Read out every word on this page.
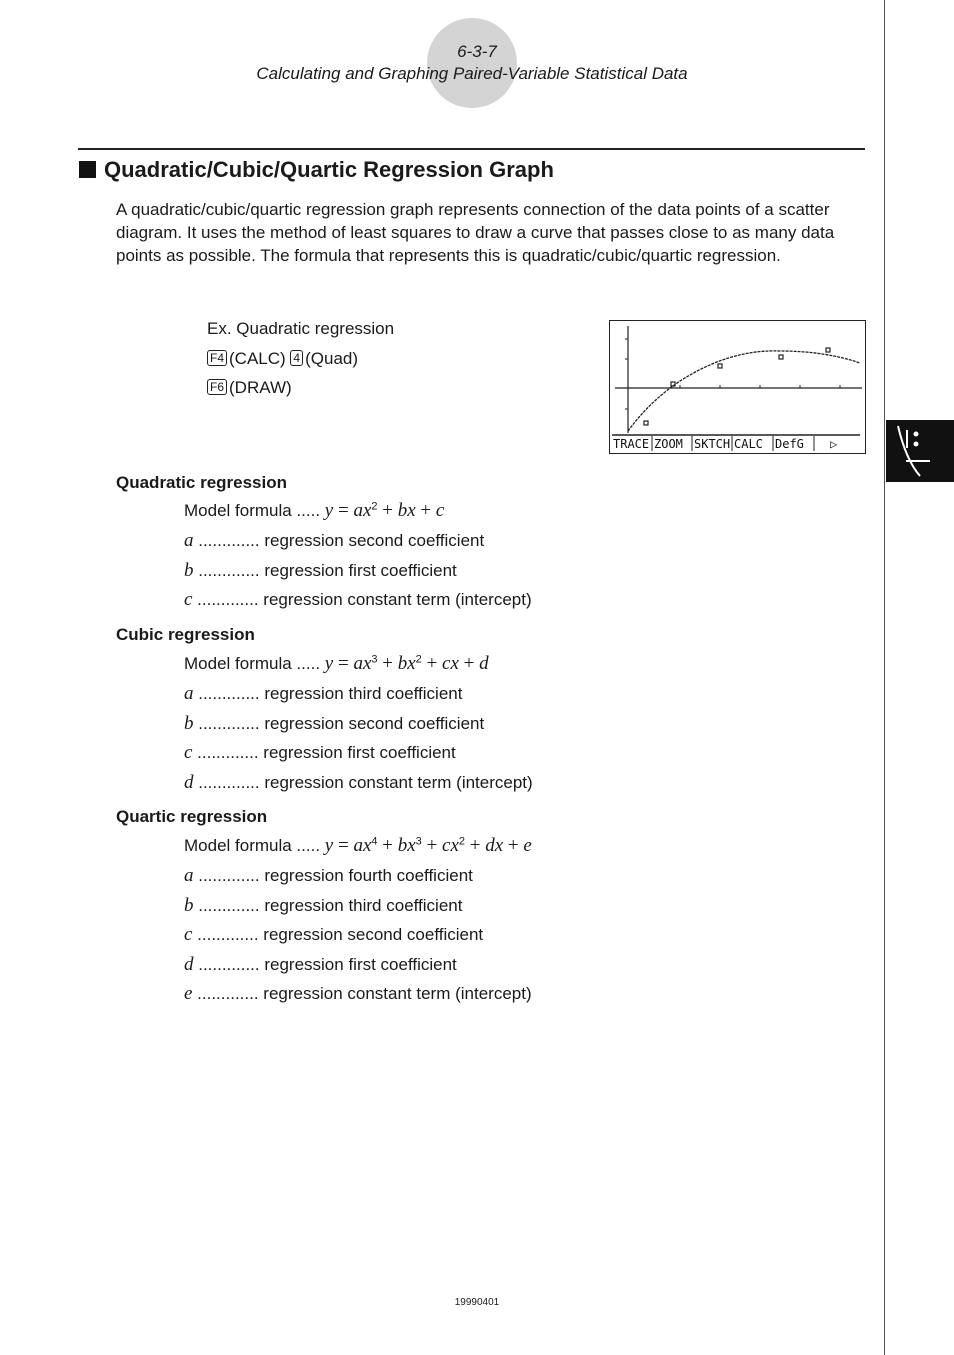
6-3-7
Calculating and Graphing Paired-Variable Statistical Data
Quadratic/Cubic/Quartic Regression Graph
A quadratic/cubic/quartic regression graph represents connection of the data points of a scatter diagram. It uses the method of least squares to draw a curve that passes close to as many data points as possible. The formula that represents this is quadratic/cubic/quartic regression.
Ex. Quadratic regression
F4 (CALC) 4 (Quad)
F6 (DRAW)
TRACE ZOOM SKTCH CALC DefG ▷
Quadratic regression
Model formula ..... $y = ax^2$ + bx + c
a ............. regression second coefficient
b ............. regression first coefficient
c ............. regression constant term (intercept)
Cubic regression
Model formula ..... $y = ax^3 + bx^2$ + cx + d
a ............. regression third coefficient
b ............. regression second coefficient
c ............. regression first coefficient
d ............. regression constant term (intercept)
Quartic regression
Model formula ..... $y = ax^4 + bx^3 + cx^2$ + dx + e
a ............. regression fourth coefficient
b ............. regression third coefficient
c ............. regression second coefficient
d ............. regression first coefficient
e ............. regression constant term (intercept)
19990401
